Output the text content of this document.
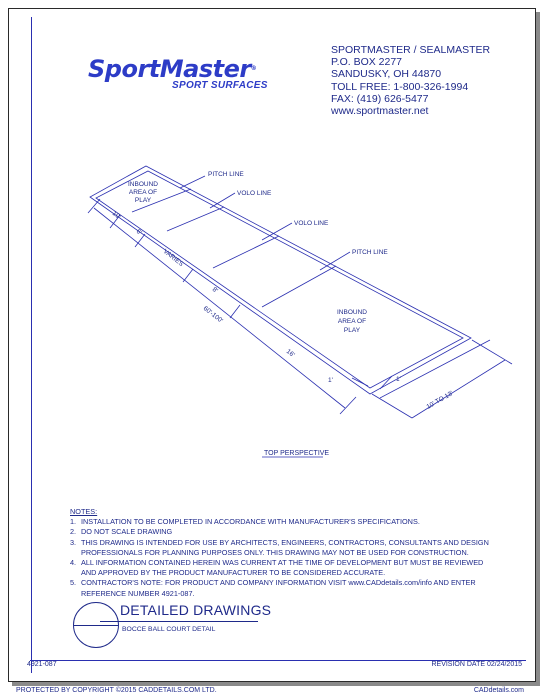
SportMaster®
SPORT SURFACES
SPORTMASTER / SEALMASTER
P.O. BOX 2277
SANDUSKY, OH 44870
TOLL FREE: 1-800-326-1994
FAX: (419) 626-5477
www.sportmaster.net
PITCH LINE
VOLO LINE
VOLO LINE
PITCH LINE
INBOUND
AREA OF
PLAY
INBOUND
AREA OF
PLAY
10'
6'
VARIES
8'
60'-100'
16'
1'	1'
10' TO 13'
TOP PERSPECTIVE
NOTES:
1. INSTALLATION TO BE COMPLETED IN ACCORDANCE WITH MANUFACTURER'S SPECIFICATIONS.
2. DO NOT SCALE DRAWING
3. THIS DRAWING IS INTENDED FOR USE BY ARCHITECTS, ENGINEERS, CONTRACTORS, CONSULTANTS AND DESIGN PROFESSIONALS FOR PLANNING PURPOSES ONLY. THIS DRAWING MAY NOT BE USED FOR CONSTRUCTION.
4. ALL INFORMATION CONTAINED HEREIN WAS CURRENT AT THE TIME OF DEVELOPMENT BUT MUST BE REVIEWED AND APPROVED BY THE PRODUCT MANUFACTURER TO BE CONSIDERED ACCURATE.
5. CONTRACTOR'S NOTE: FOR PRODUCT AND COMPANY INFORMATION VISIT www.CADdetails.com/info AND ENTER REFERENCE NUMBER 4921-087.
DETAILED DRAWINGS
BOCCE BALL COURT DETAIL
4921-087	REVISION DATE 02/24/2015
PROTECTED BY COPYRIGHT ©2015 CADDETAILS.COM LTD.	CADdetails.com
